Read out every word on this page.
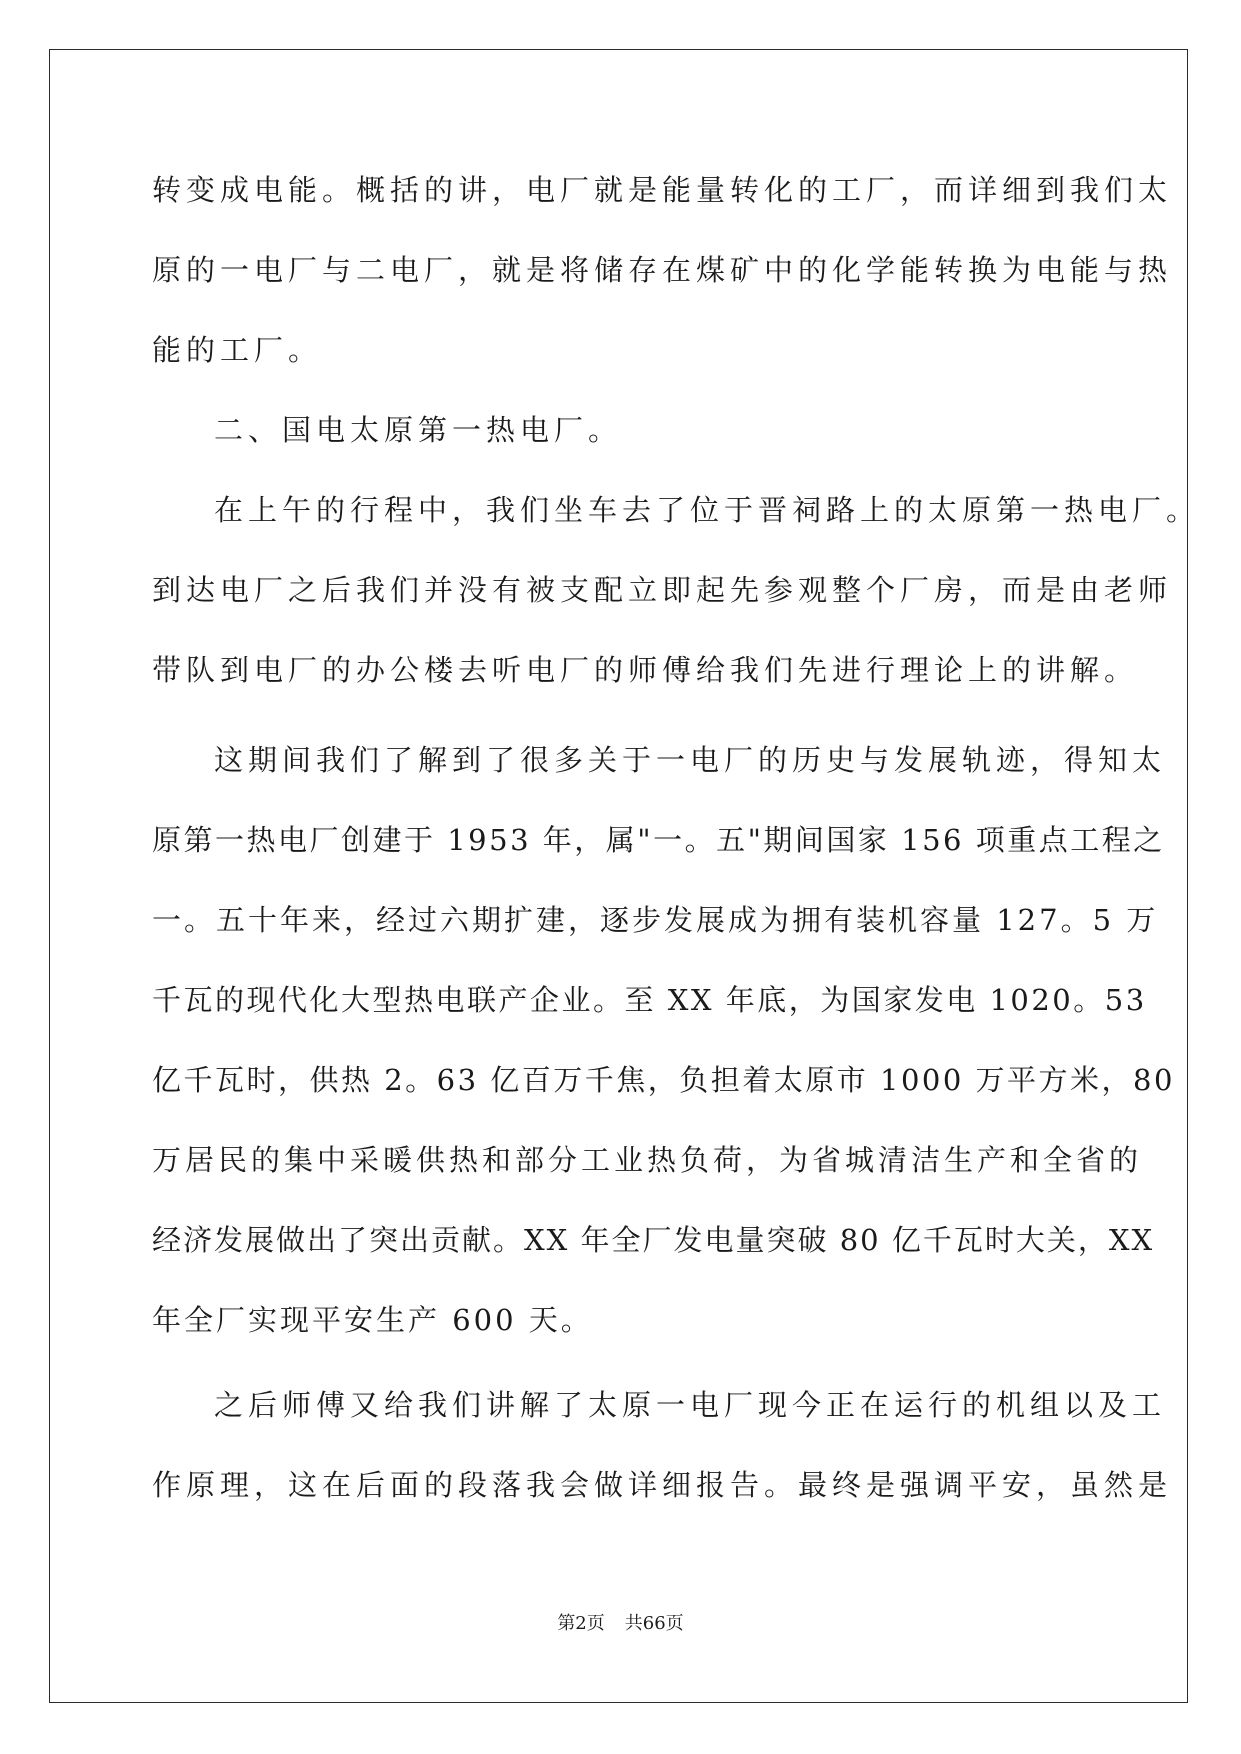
转变成电能。概括的讲，电厂就是能量转化的工厂，而详细到我们太
原的一电厂与二电厂，就是将储存在煤矿中的化学能转换为电能与热
能的工厂。
二、国电太原第一热电厂。
在上午的行程中，我们坐车去了位于晋祠路上的太原第一热电厂。
到达电厂之后我们并没有被支配立即起先参观整个厂房，而是由老师
带队到电厂的办公楼去听电厂的师傅给我们先进行理论上的讲解。
这期间我们了解到了很多关于一电厂的历史与发展轨迹，得知太
原第一热电厂创建于 1953 年，属"一。五"期间国家 156 项重点工程之
一。五十年来，经过六期扩建，逐步发展成为拥有装机容量 127。5 万
千瓦的现代化大型热电联产企业。至 XX 年底，为国家发电 1020。53
亿千瓦时，供热 2。63 亿百万千焦，负担着太原市 1000 万平方米，80
万居民的集中采暖供热和部分工业热负荷，为省城清洁生产和全省的
经济发展做出了突出贡献。XX 年全厂发电量突破 80 亿千瓦时大关，XX
年全厂实现平安生产 600 天。
之后师傅又给我们讲解了太原一电厂现今正在运行的机组以及工
作原理，这在后面的段落我会做详细报告。最终是强调平安，虽然是
第2页 共66页
